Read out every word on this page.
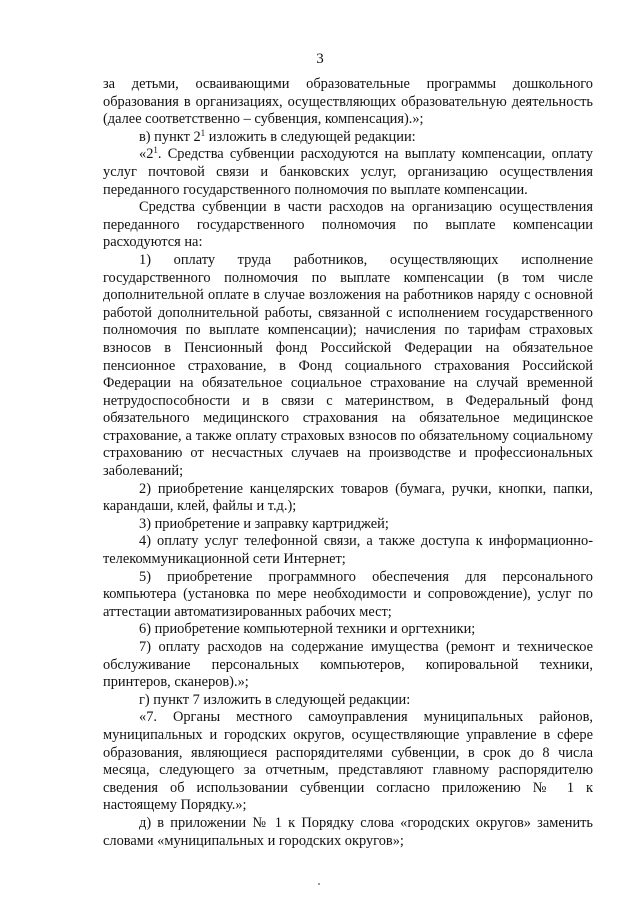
3

за детьми, осваивающими образовательные программы дошкольного образования в организациях, осуществляющих образовательную деятельность (далее соответственно – субвенция, компенсация).»;

в) пункт $2^1$ изложить в следующей редакции:

«$2^1$. Средства субвенции расходуются на выплату компенсации, оплату услуг почтовой связи и банковских услуг, организацию осуществления переданного государственного полномочия по выплате компенсации.

Средства субвенции в части расходов на организацию осуществления переданного государственного полномочия по выплате компенсации расходуются на:

1) оплату труда работников, осуществляющих исполнение государственного полномочия по выплате компенсации (в том числе дополнительной оплате в случае возложения на работников наряду с основной работой дополнительной работы, связанной с исполнением государственного полномочия по выплате компенсации); начисления по тарифам страховых взносов в Пенсионный фонд Российской Федерации на обязательное пенсионное страхование, в Фонд социального страхования Российской Федерации на обязательное социальное страхование на случай временной нетрудоспособности и в связи с материнством, в Федеральный фонд обязательного медицинского страхования на обязательное медицинское страхование, а также оплату страховых взносов по обязательному социальному страхованию от несчастных случаев на производстве и профессиональных заболеваний;

2) приобретение канцелярских товаров (бумага, ручки, кнопки, папки, карандаши, клей, файлы и т.д.);

3) приобретение и заправку картриджей;

4) оплату услуг телефонной связи, а также доступа к информационно-телекоммуникационной сети Интернет;

5) приобретение программного обеспечения для персонального компьютера (установка по мере необходимости и сопровождение), услуг по аттестации автоматизированных рабочих мест;

6) приобретение компьютерной техники и оргтехники;

7) оплату расходов на содержание имущества (ремонт и техническое обслуживание персональных компьютеров, копировальной техники, принтеров, сканеров).»;

г) пункт 7 изложить в следующей редакции:

«7. Органы местного самоуправления муниципальных районов, муниципальных и городских округов, осуществляющие управление в сфере образования, являющиеся распорядителями субвенции, в срок до 8 числа месяца, следующего за отчетным, представляют главному распорядителю сведения об использовании субвенции согласно приложению № 1 к настоящему Порядку.»;

д) в приложении № 1 к Порядку слова «городских округов» заменить словами «муниципальных и городских округов»;
